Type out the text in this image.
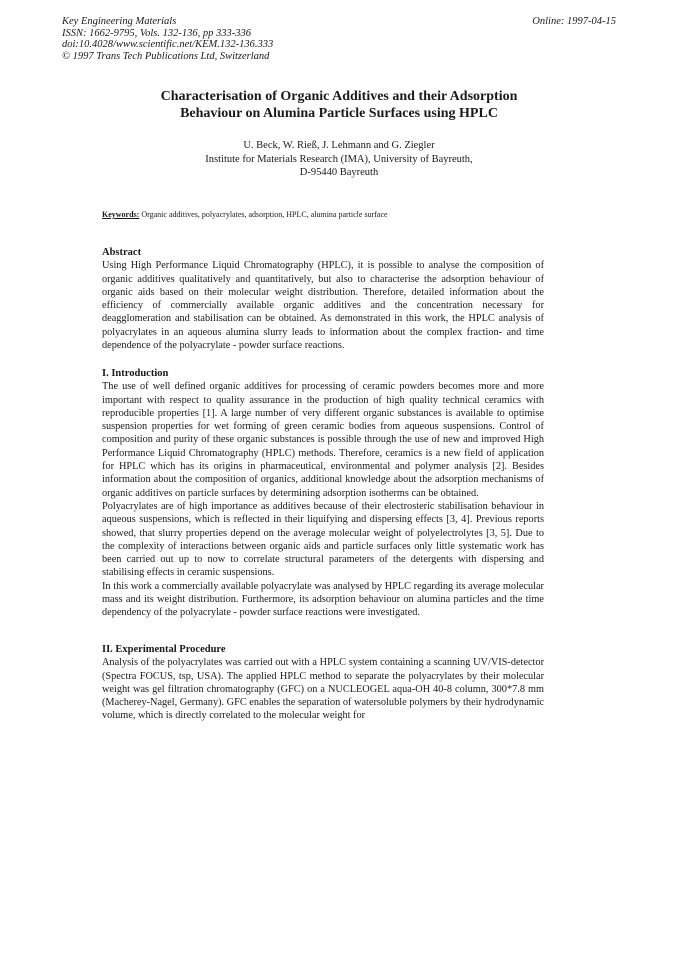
Key Engineering Materials
ISSN: 1662-9795, Vols. 132-136, pp 333-336
doi:10.4028/www.scientific.net/KEM.132-136.333
© 1997 Trans Tech Publications Ltd, Switzerland
Online: 1997-04-15
Characterisation of Organic Additives and their Adsorption
Behaviour on Alumina Particle Surfaces using HPLC
U. Beck, W. Rieß, J. Lehmann and G. Ziegler
Institute for Materials Research (IMA), University of Bayreuth,
D-95440 Bayreuth
Keywords: Organic additives, polyacrylates, adsorption, HPLC, alumina particle surface
Abstract

Using High Performance Liquid Chromatography (HPLC), it is possible to analyse the composition of organic additives qualitatively and quantitatively, but also to characterise the adsorption behaviour of organic aids based on their molecular weight distribution. Therefore, detailed information about the efficiency of commercially available organic additives and the concentration necessary for deagglomeration and stabilisation can be obtained. As demonstrated in this work, the HPLC analysis of polyacrylates in an aqueous alumina slurry leads to information about the complex fraction- and time dependence of the polyacrylate - powder surface reactions.

I. Introduction

The use of well defined organic additives for processing of ceramic powders becomes more and more important with respect to quality assurance in the production of high quality technical ceramics with reproducible properties [1]. A large number of very different organic substances is available to optimise suspension properties for wet forming of green ceramic bodies from aqueous suspensions. Control of composition and purity of these organic substances is possible through the use of new and improved High Performance Liquid Chromatography (HPLC) methods. Therefore, ceramics is a new field of application for HPLC which has its origins in pharmaceutical, environmental and polymer analysis [2]. Besides information about the composition of organics, additional knowledge about the adsorption mechanisms of organic additives on particle surfaces by determining adsorption isotherms can be obtained.

Polyacrylates are of high importance as additives because of their electrosteric stabilisation behaviour in aqueous suspensions, which is reflected in their liquifying and dispersing effects [3, 4]. Previous reports showed, that slurry properties depend on the average molecular weight of polyelectrolytes [3, 5]. Due to the complexity of interactions between organic aids and particle surfaces only little systematic work has been carried out up to now to correlate structural parameters of the detergents with dispersing and stabilising effects in ceramic suspensions.

In this work a commercially available polyacrylate was analysed by HPLC regarding its average molecular mass and its weight distribution. Furthermore, its adsorption behaviour on alumina particles and the time dependency of the polyacrylate - powder surface reactions were investigated.

II. Experimental Procedure

Analysis of the polyacrylates was carried out with a HPLC system containing a scanning UV/VIS-detector (Spectra FOCUS, tsp, USA). The applied HPLC method to separate the polyacrylates by their molecular weight was gel filtration chromatography (GFC) on a NUCLEOGEL aqua-OH 40-8 column, 300*7.8 mm (Macherey-Nagel, Germany). GFC enables the separation of watersoluble polymers by their hydrodynamic volume, which is directly correlated to the molecular weight for
